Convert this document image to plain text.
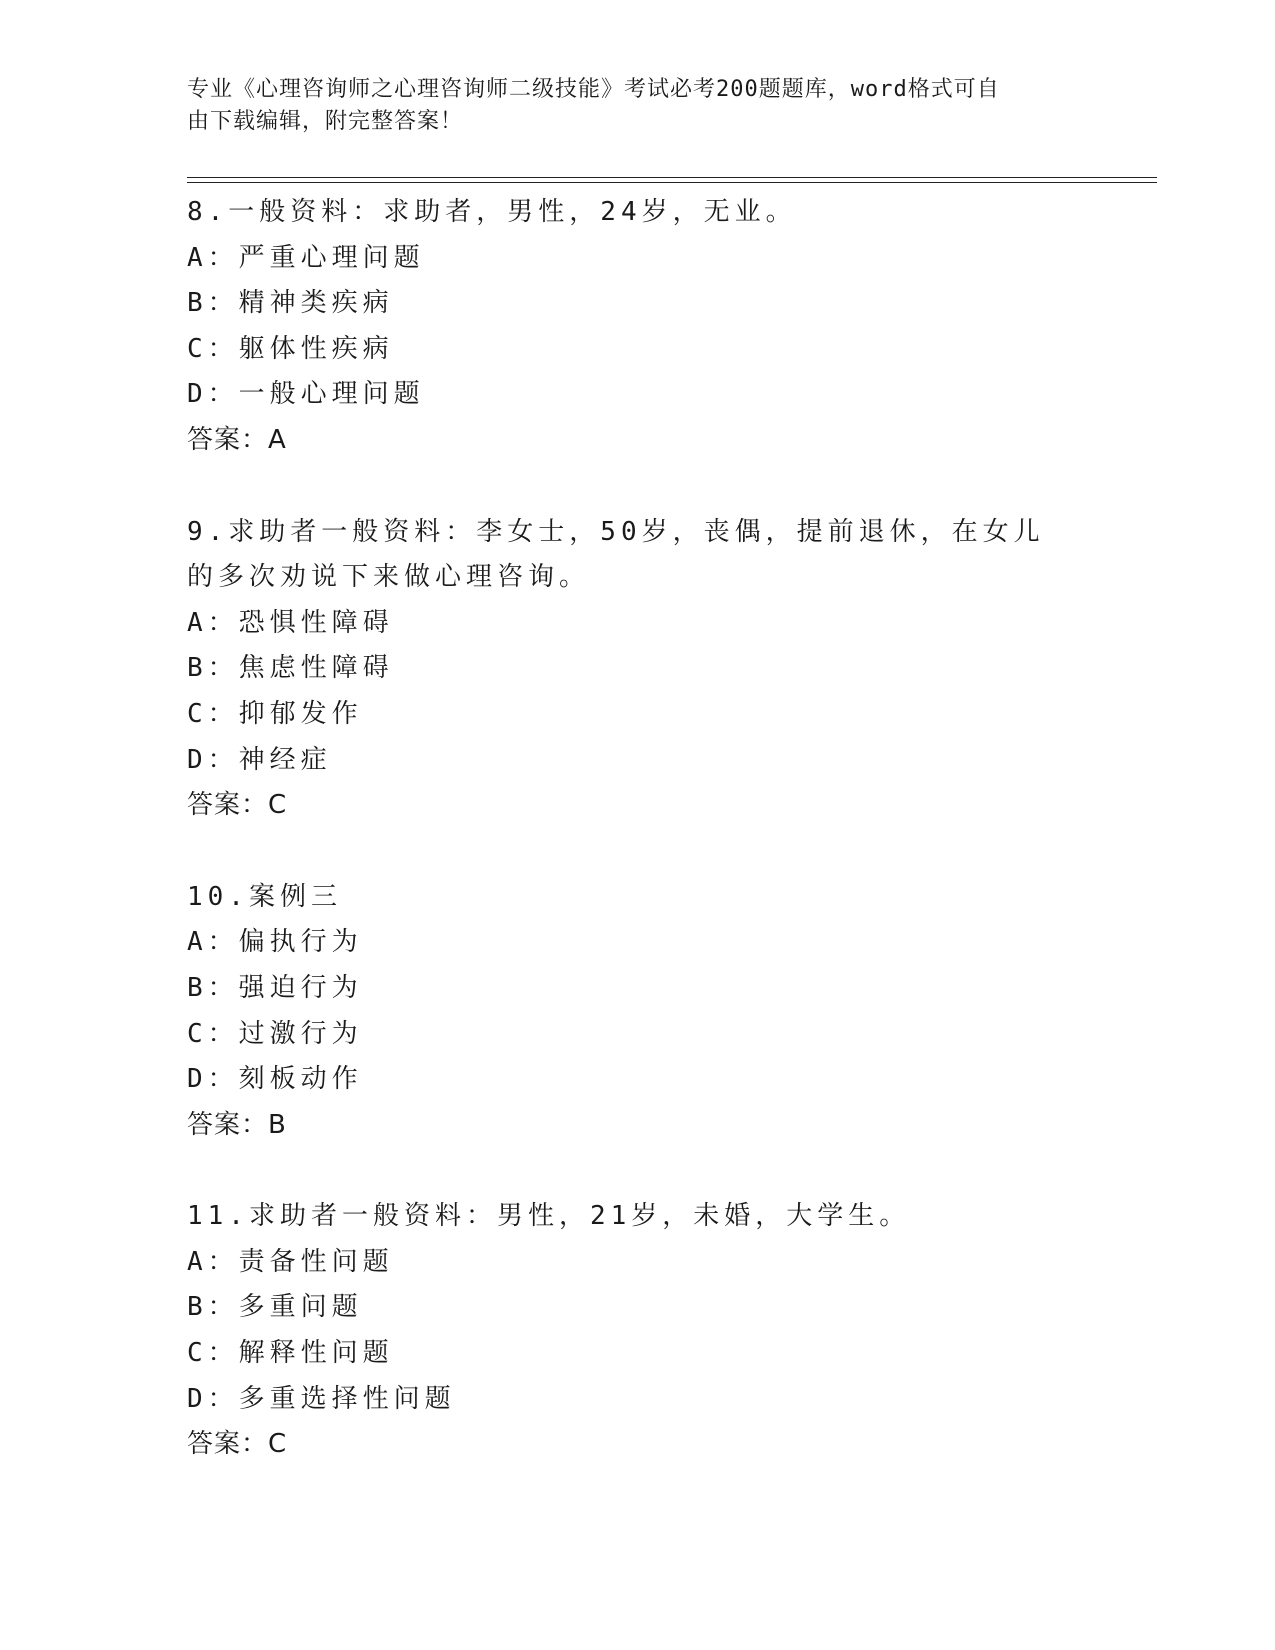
专业《心理咨询师之心理咨询师二级技能》考试必考200题题库，word格式可自
由下载编辑，附完整答案！
8.一般资料：求助者，男性，24岁，无业。
A：严重心理问题
B：精神类疾病
C：躯体性疾病
D：一般心理问题
答案：A
9.求助者一般资料：李女士，50岁，丧偶，提前退休，在女儿的多次劝说下来做心理咨询。
A：恐惧性障碍
B：焦虑性障碍
C：抑郁发作
D：神经症
答案：C
10.案例三
A：偏执行为
B：强迫行为
C：过激行为
D：刻板动作
答案：B
11.求助者一般资料：男性，21岁，未婚，大学生。
A：责备性问题
B：多重问题
C：解释性问题
D：多重选择性问题
答案：C
